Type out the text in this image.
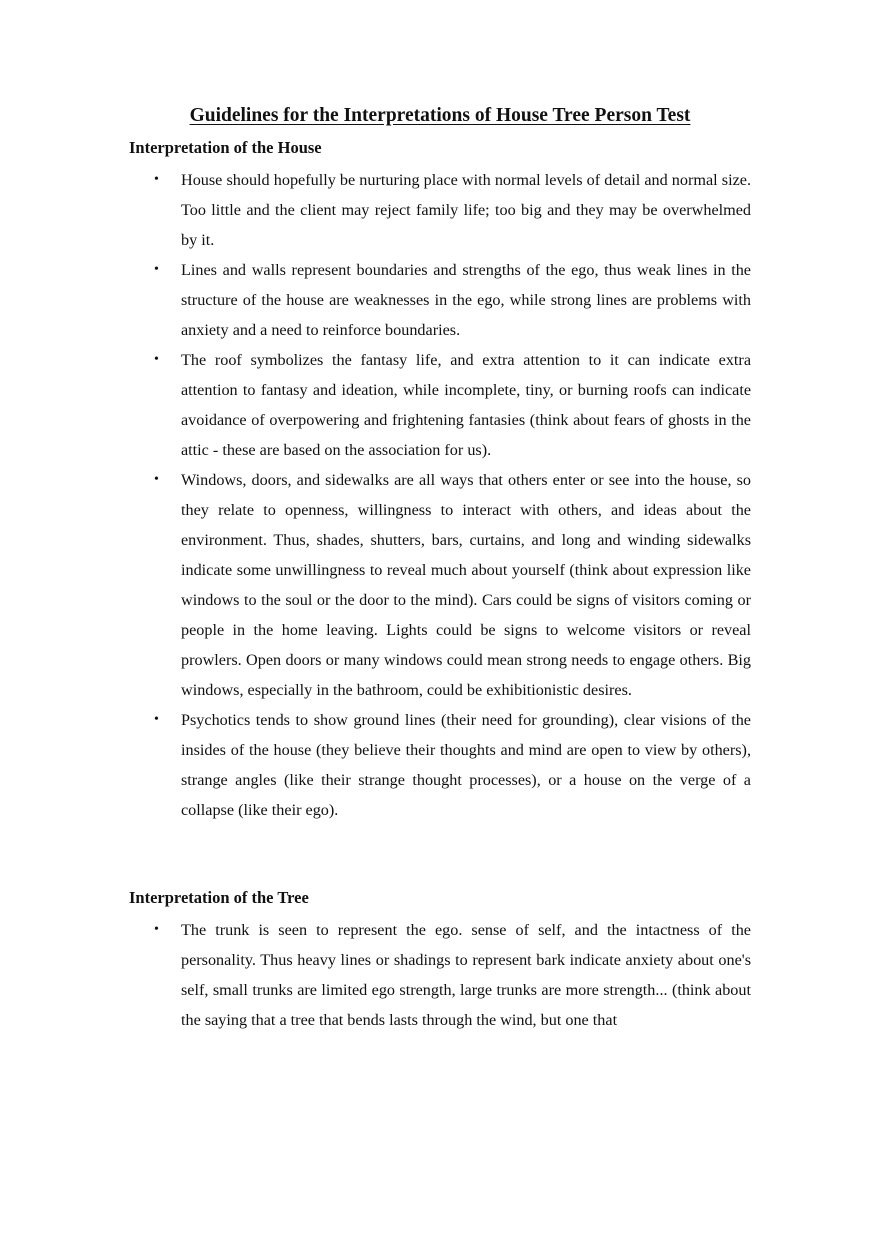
Guidelines for the Interpretations of House Tree Person Test
Interpretation of the House
• House should hopefully be nurturing place with normal levels of detail and normal size. Too little and the client may reject family life; too big and they may be overwhelmed by it.
• Lines and walls represent boundaries and strengths of the ego, thus weak lines in the structure of the house are weaknesses in the ego, while strong lines are problems with anxiety and a need to reinforce boundaries.
• The roof symbolizes the fantasy life, and extra attention to it can indicate extra attention to fantasy and ideation, while incomplete, tiny, or burning roofs can indicate avoidance of overpowering and frightening fantasies (think about fears of ghosts in the attic - these are based on the association for us).
• Windows, doors, and sidewalks are all ways that others enter or see into the house, so they relate to openness, willingness to interact with others, and ideas about the environment. Thus, shades, shutters, bars, curtains, and long and winding sidewalks indicate some unwillingness to reveal much about yourself (think about expression like windows to the soul or the door to the mind). Cars could be signs of visitors coming or people in the home leaving. Lights could be signs to welcome visitors or reveal prowlers. Open doors or many windows could mean strong needs to engage others. Big windows, especially in the bathroom, could be exhibitionistic desires.
• Psychotics tends to show ground lines (their need for grounding), clear visions of the insides of the house (they believe their thoughts and mind are open to view by others), strange angles (like their strange thought processes), or a house on the verge of a collapse (like their ego).
Interpretation of the Tree
• The trunk is seen to represent the ego. sense of self, and the intactness of the personality. Thus heavy lines or shadings to represent bark indicate anxiety about one's self, small trunks are limited ego strength, large trunks are more strength... (think about the saying that a tree that bends lasts through the wind, but one that
